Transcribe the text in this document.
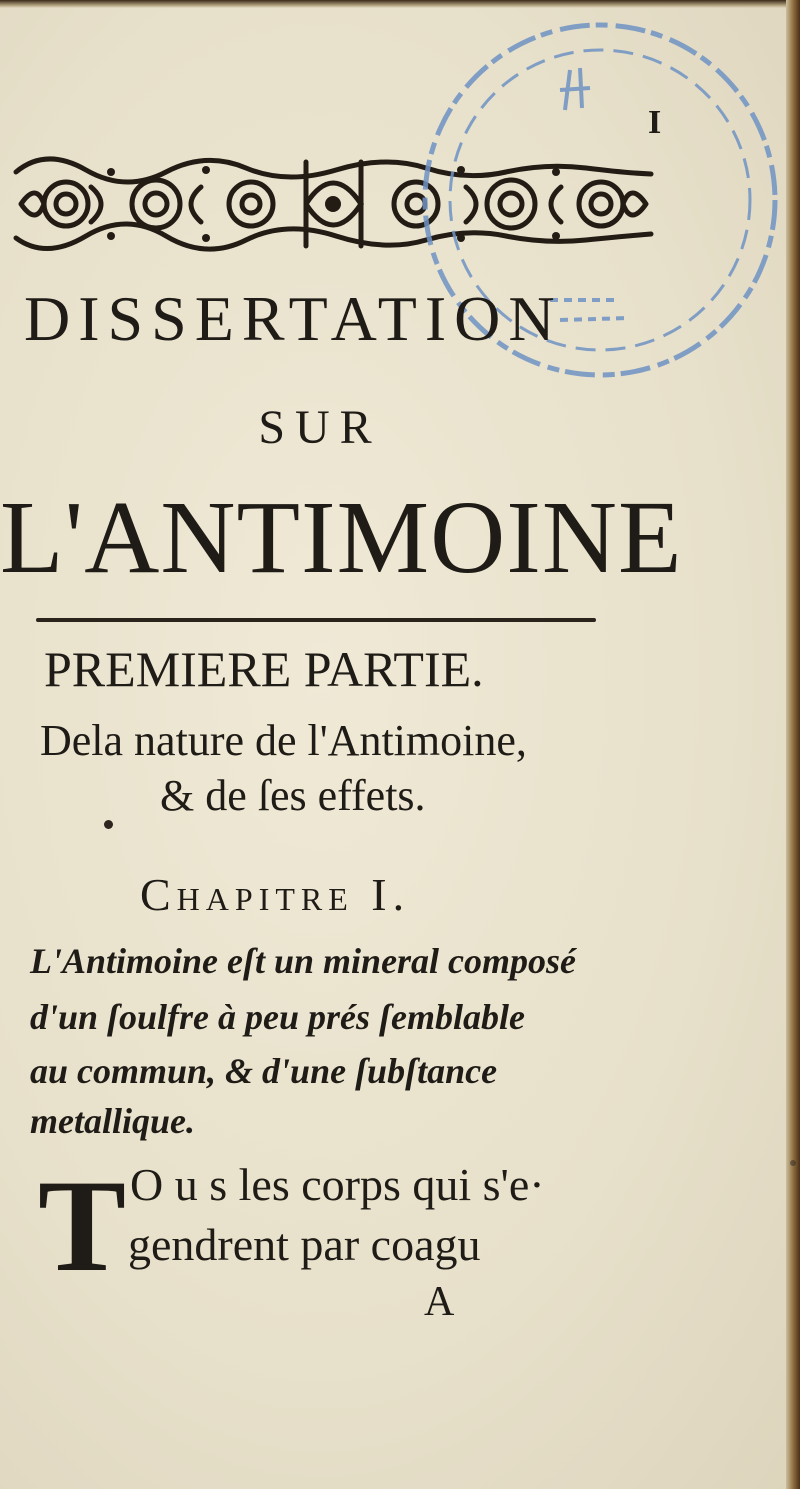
I
DISSERTATION
SUR
L'ANTIMOINE
PREMIERE PARTIE.
Dela nature de l'Antimoine,
& de ſes effets.
Chapitre I.
L'Antimoine eſt un mineral composé
d'un ſoulfre à peu prés ſemblable
au commun, & d'une ſubſtance
metallique.
T O u s les corps qui s'e·
gendrent par coagu
A
